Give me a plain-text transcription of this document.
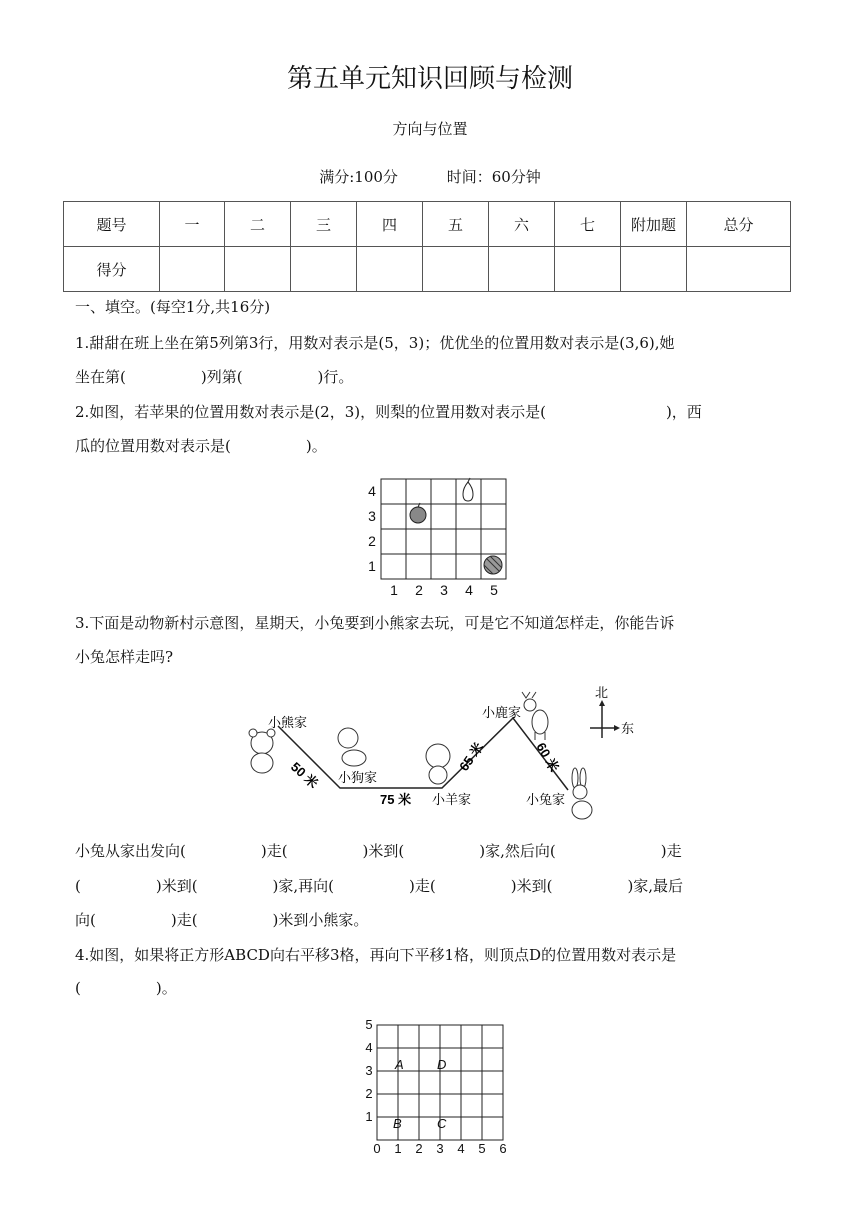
第五单元知识回顾与检测
方向与位置
满分:100分	时间：60分钟
题号	一	二	三	四	五	六	七	附加题	总分
得分									
一、填空。(每空1分,共16分)
1.甜甜在班上坐在第5列第3行，用数对表示是(5，3)；优优坐的位置用数对表示是(3,6),她
坐在第(　　　　　)列第(　　　　　)行。
2.如图，若苹果的位置用数对表示是(2，3)，则梨的位置用数对表示是(　　　　　　　　)，西
瓜的位置用数对表示是(　　　　　)。
1 2 3 4 5
1
2
3
4
3.下面是动物新村示意图，星期天，小兔要到小熊家去玩，可是它不知道怎样走，你能告诉
小兔怎样走吗?
小熊家
小狗家
小羊家
小鹿家
小兔家
50 米
75 米
65 米	60 米
北
东
小兔从家出发向(　　　　　)走(　　　　　)米到(　　　　　)家,然后向(　　　　　　　)走
(　　　　　)米到(　　　　　)家,再向(　　　　　)走(　　　　　)米到(　　　　　)家,最后
向(　　　　　)走(　　　　　)米到小熊家。
4.如图，如果将正方形ABCD向右平移3格，再向下平移1格，则顶点D的位置用数对表示是
(　　　　　)。
0 1 2 3 4 5 6
1
2
3
4
5
A	D
B	C
